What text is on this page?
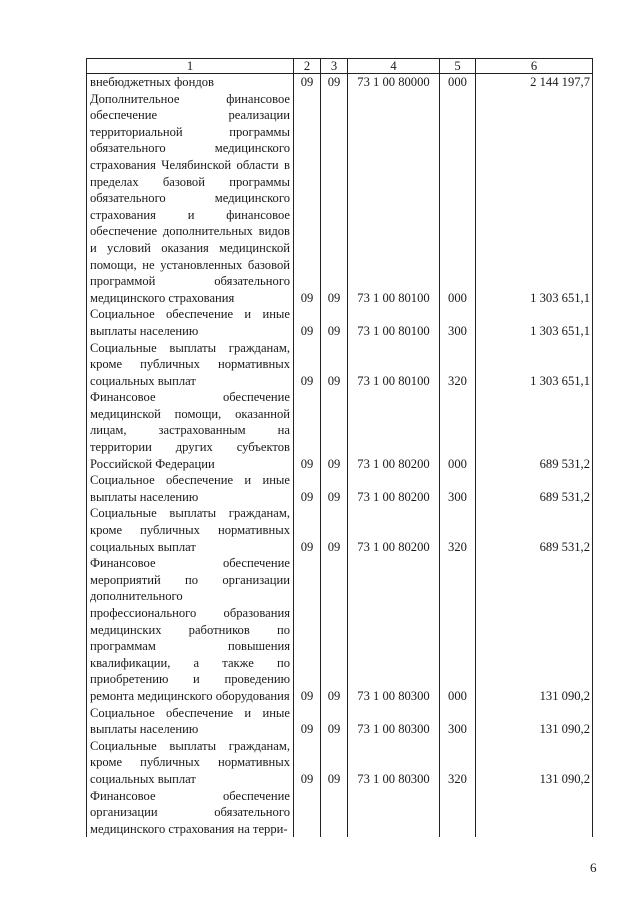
1	2	3	4	5	6
внебюджетных фондов	09	09	73 1 00 80000	000	2 144 197,7
Дополнительное финансовое обеспечение реализации территориальной программы обязательного медицинского страхования Челябинской области в пределах базовой программы обязательного медицинского страхования и финансовое обеспечение дополнительных видов и условий оказания медицинской помощи, не установленных базовой программой обязательного медицинского страхования	09	09	73 1 00 80100	000	1 303 651,1
Социальное обеспечение и иные выплаты населению	09	09	73 1 00 80100	300	1 303 651,1
Социальные выплаты гражданам, кроме публичных нормативных социальных выплат	09	09	73 1 00 80100	320	1 303 651,1
Финансовое обеспечение медицинской помощи, оказанной лицам, застрахованным на территории других субъектов Российской Федерации	09	09	73 1 00 80200	000	689 531,2
Социальное обеспечение и иные выплаты населению	09	09	73 1 00 80200	300	689 531,2
Социальные выплаты гражданам, кроме публичных нормативных социальных выплат	09	09	73 1 00 80200	320	689 531,2
Финансовое обеспечение мероприятий по организации дополнительного профессионального образования медицинских работников по программам повышения квалификации, а также по приобретению и проведению ремонта медицинского оборудования	09	09	73 1 00 80300	000	131 090,2
Социальное обеспечение и иные выплаты населению	09	09	73 1 00 80300	300	131 090,2
Социальные выплаты гражданам, кроме публичных нормативных социальных выплат	09	09	73 1 00 80300	320	131 090,2
Финансовое обеспечение организации обязательного медицинского страхования на терри-					
6
